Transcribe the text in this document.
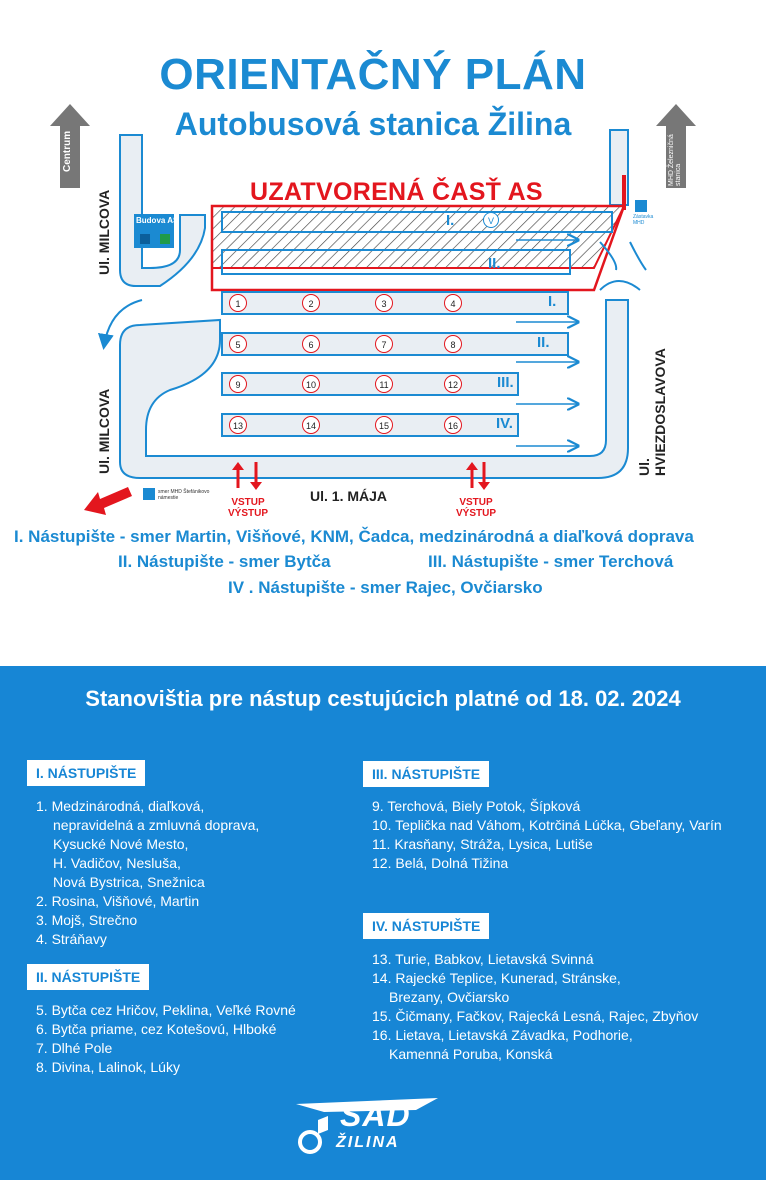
ORIENTAČNÝ PLÁN
Autobusová stanica Žilina
UZATVORENÁ ČASŤ AS
Centrum	MHD Železničná stanica
Ul. MILCOVA
Ul. MILCOVA	Ul. HVIEZDOSLAVOVA
Ul. 1. MÁJA
Budova AS	Zástavka MHD
smer MHD Štefánikovo námestie	VSTUP
VÝSTUP
VSTUP
VÝSTUP
I.
II.
V
1	2	3	4	I.
5	6	7	8	II.
9	10	11	12	III.
13	14	15	16	IV.
I. Nástupište - smer Martin, Višňové, KNM, Čadca, medzinárodná a diaľková doprava
II. Nástupište - smer Bytča	III. Nástupište - smer Terchová
IV . Nástupište - smer Rajec, Ovčiarsko
Stanovištia pre nástup cestujúcich platné od 18. 02. 2024
I. NÁSTUPIŠTE
1. Medzinárodná, diaľková,
nepravidelná a zmluvná doprava,
Kysucké Nové Mesto,
H. Vadičov, Nesluša,
Nová Bystrica, Snežnica
2. Rosina, Višňové, Martin
3. Mojš, Strečno
4. Stráňavy
II. NÁSTUPIŠTE
5. Bytča cez Hričov, Peklina, Veľké Rovné
6. Bytča priame, cez Kotešovú, Hlboké
7. Dlhé Pole
8. Divina, Lalinok, Lúky
III. NÁSTUPIŠTE
9. Terchová, Biely Potok, Šípková
10. Teplička nad Váhom, Kotrčiná Lúčka, Gbeľany, Varín
11. Krasňany, Stráža, Lysica, Lutiše
12. Belá, Dolná Tižina
IV. NÁSTUPIŠTE
13. Turie, Babkov, Lietavská Svinná
14. Rajecké Teplice, Kunerad, Stránske,
Brezany, Ovčiarsko
15. Čičmany, Fačkov, Rajecká Lesná, Rajec, Zbyňov
16. Lietava, Lietavská Závadka, Podhorie,
Kamenná Poruba, Konská
SAD
ŽILINA
